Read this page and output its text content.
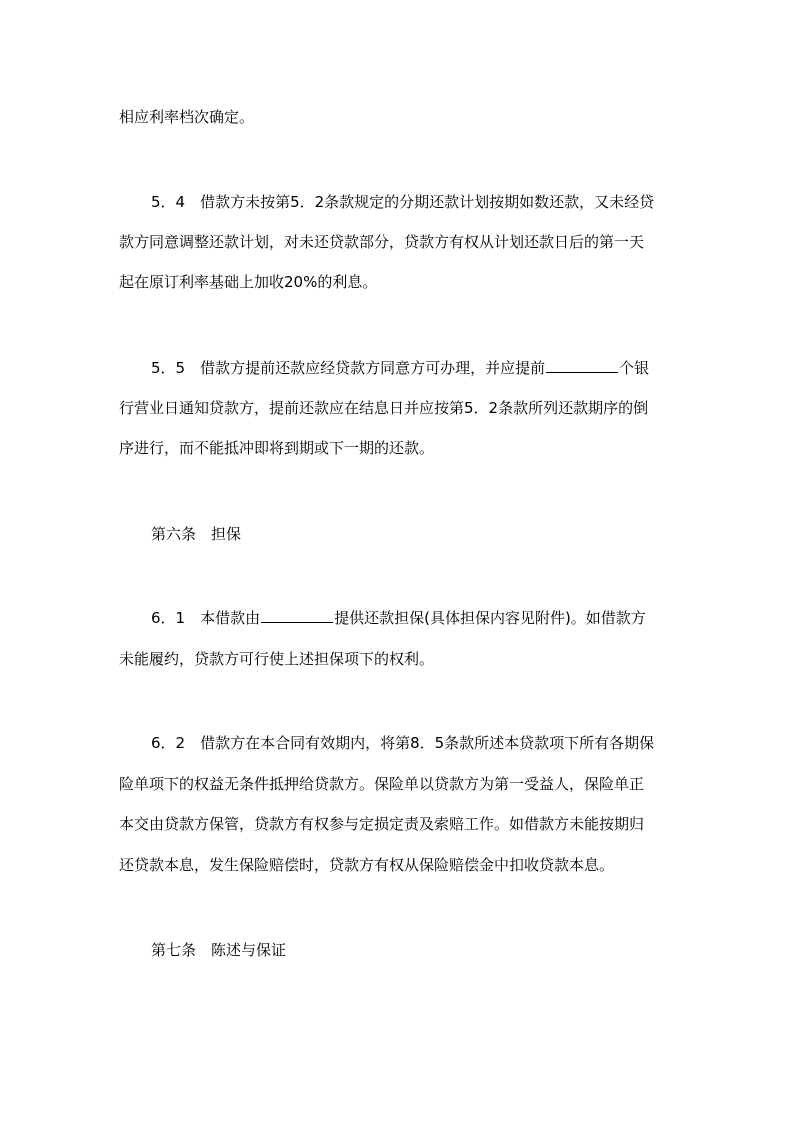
相应利率档次确定。
5．4　借款方未按第5．2条款规定的分期还款计划按期如数还款，又未经贷
款方同意调整还款计划，对未还贷款部分，贷款方有权从计划还款日后的第一天
起在原订利率基础上加收20%的利息。
5．5　借款方提前还款应经贷款方同意方可办理，并应提前	个银
行营业日通知贷款方，提前还款应在结息日并应按第5．2条款所列还款期序的倒
序进行，而不能抵冲即将到期或下一期的还款。
第六条　担保
6．1　本借款由	提供还款担保(具体担保内容见附件)。如借款方
未能履约，贷款方可行使上述担保项下的权利。
6．2　借款方在本合同有效期内，将第8．5条款所述本贷款项下所有各期保
险单项下的权益无条件抵押给贷款方。保险单以贷款方为第一受益人，保险单正
本交由贷款方保管，贷款方有权参与定损定责及索赔工作。如借款方未能按期归
还贷款本息，发生保险赔偿时，贷款方有权从保险赔偿金中扣收贷款本息。
第七条　陈述与保证
